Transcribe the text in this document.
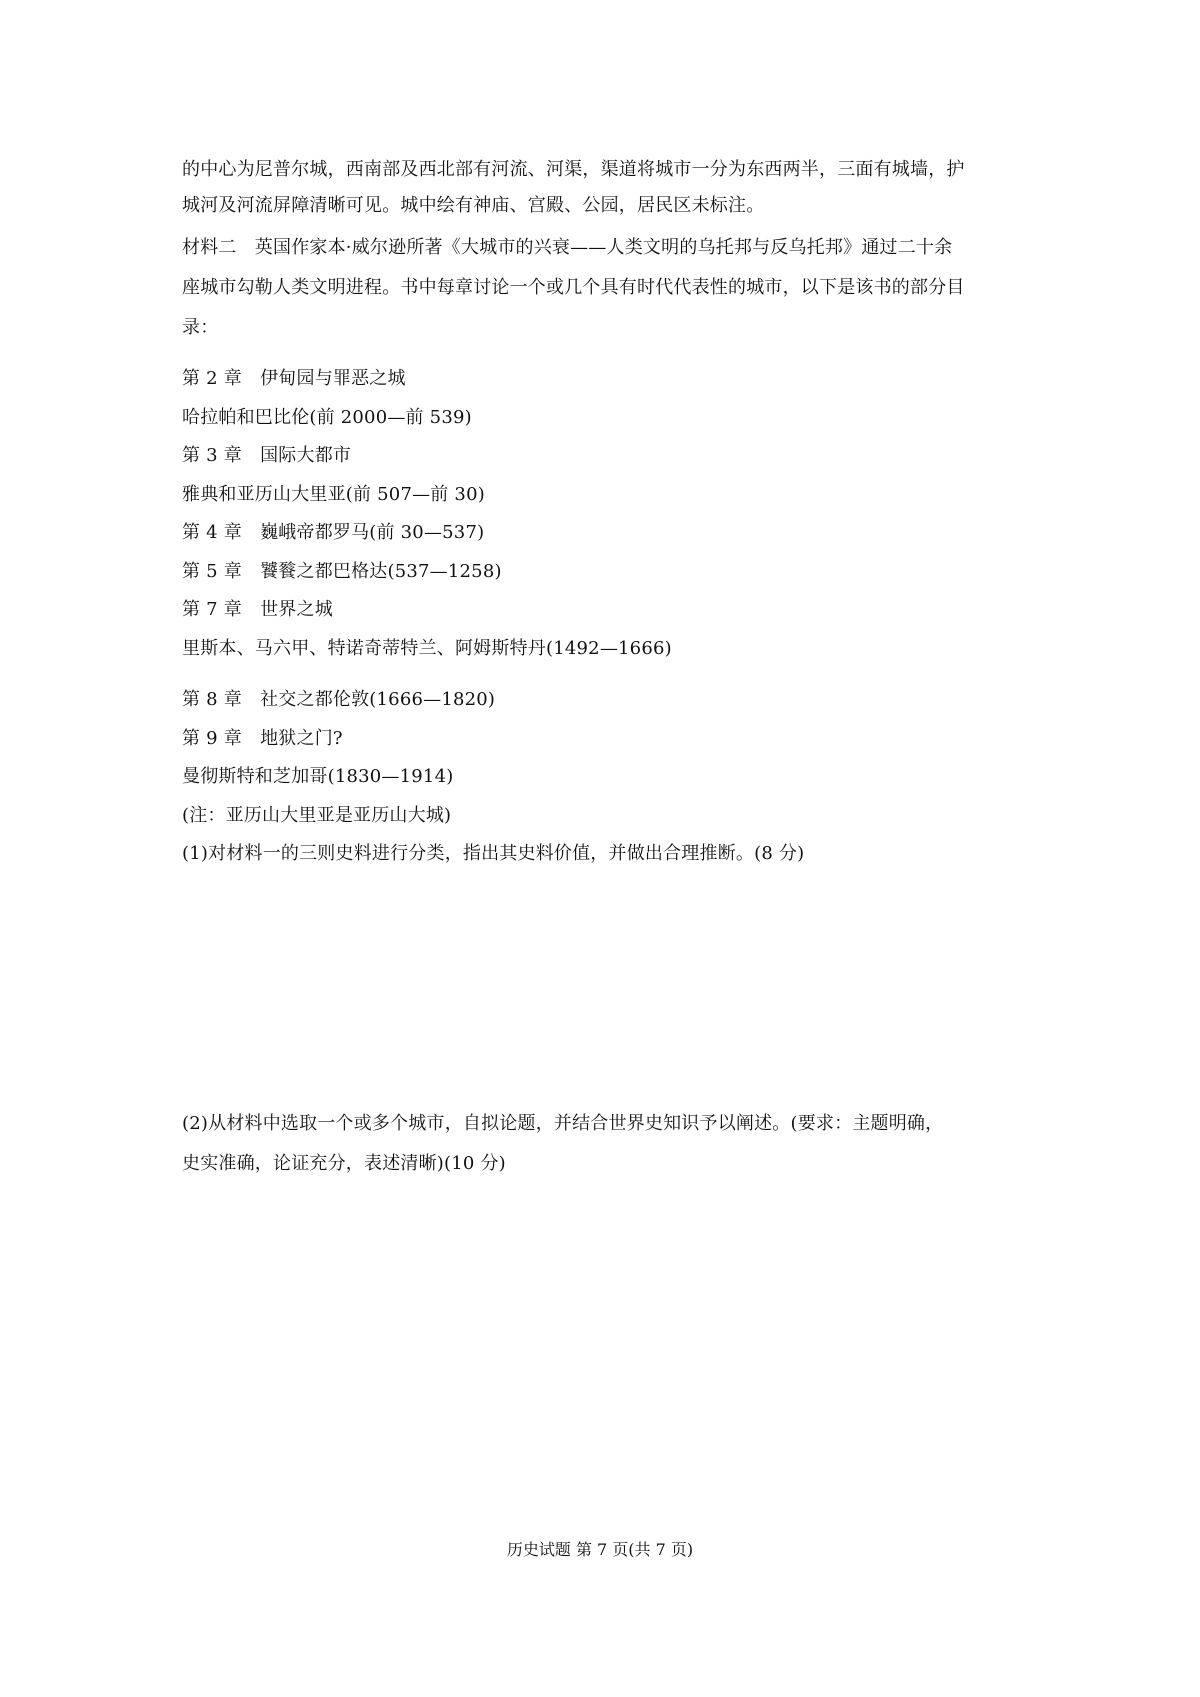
的中心为尼普尔城，西南部及西北部有河流、河渠，渠道将城市一分为东西两半，三面有城墙，护
城河及河流屏障清晰可见。城中绘有神庙、宫殿、公园，居民区未标注。
材料二　英国作家本·威尔逊所著《大城市的兴衰——人类文明的乌托邦与反乌托邦》通过二十余
座城市勾勒人类文明进程。书中每章讨论一个或几个具有时代代表性的城市，以下是该书的部分目
录：
第 2 章　伊甸园与罪恶之城
哈拉帕和巴比伦(前 2000—前 539)
第 3 章　国际大都市
雅典和亚历山大里亚(前 507—前 30)
第 4 章　巍峨帝都罗马(前 30—537)
第 5 章　饕餮之都巴格达(537—1258)
第 7 章　世界之城
里斯本、马六甲、特诺奇蒂特兰、阿姆斯特丹(1492—1666)
第 8 章　社交之都伦敦(1666—1820)
第 9 章　地狱之门?
曼彻斯特和芝加哥(1830—1914)
(注：亚历山大里亚是亚历山大城)
(1)对材料一的三则史料进行分类，指出其史料价值，并做出合理推断。(8 分)
(2)从材料中选取一个或多个城市，自拟论题，并结合世界史知识予以阐述。(要求：主题明确，
史实准确，论证充分，表述清晰)(10 分)
历史试题 第 7 页(共 7 页)
